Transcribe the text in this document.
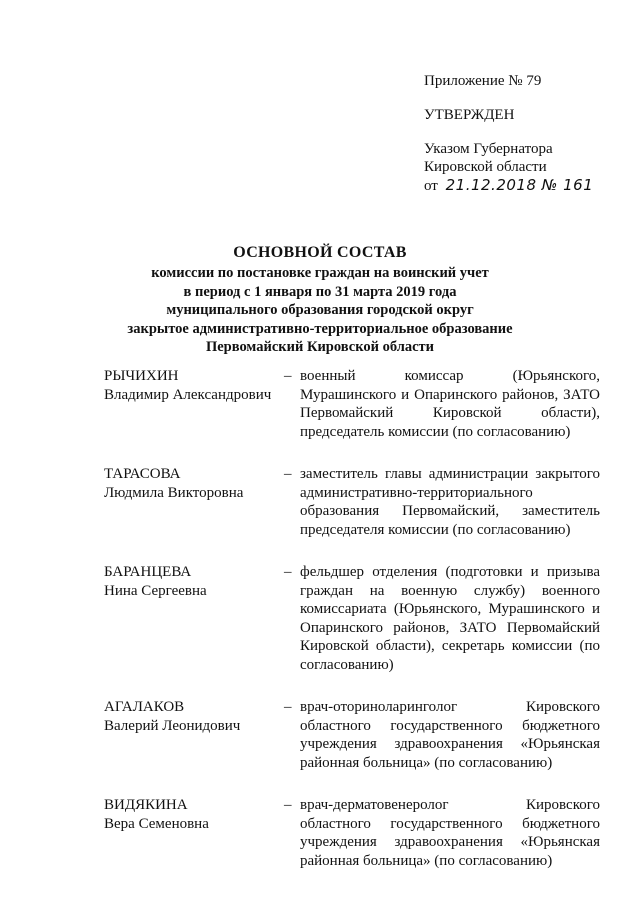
Приложение № 79
УТВЕРЖДЕН
Указом Губернатора
Кировской области
от 21.12.2018 № 161
ОСНОВНОЙ СОСТАВ
комиссии по постановке граждан на воинский учет
в период с 1 января по 31 марта 2019 года
муниципального образования городской округ
закрытое административно-территориальное образование
Первомайский Кировской области
РЫЧИХИН
Владимир Александрович
– военный комиссар (Юрьянского, Мурашинского и Опаринского районов, ЗАТО Первомайский Кировской области), председатель комиссии (по согласованию)
ТАРАСОВА
Людмила Викторовна
– заместитель главы администрации закрытого административно-территориального образования Первомайский, заместитель председателя комиссии (по согласованию)
БАРАНЦЕВА
Нина Сергеевна
– фельдшер отделения (подготовки и призыва граждан на военную службу) военного комиссариата (Юрьянского, Мурашинского и Опаринского районов, ЗАТО Первомайский Кировской области), секретарь комиссии (по согласованию)
АГАЛАКОВ
Валерий Леонидович
– врач-оториноларинголог Кировского областного государственного бюджетного учреждения здравоохранения «Юрьянская районная больница» (по согласованию)
ВИДЯКИНА
Вера Семеновна
– врач-дерматовенеролог Кировского областного государственного бюджетного учреждения здравоохранения «Юрьянская районная больница» (по согласованию)
